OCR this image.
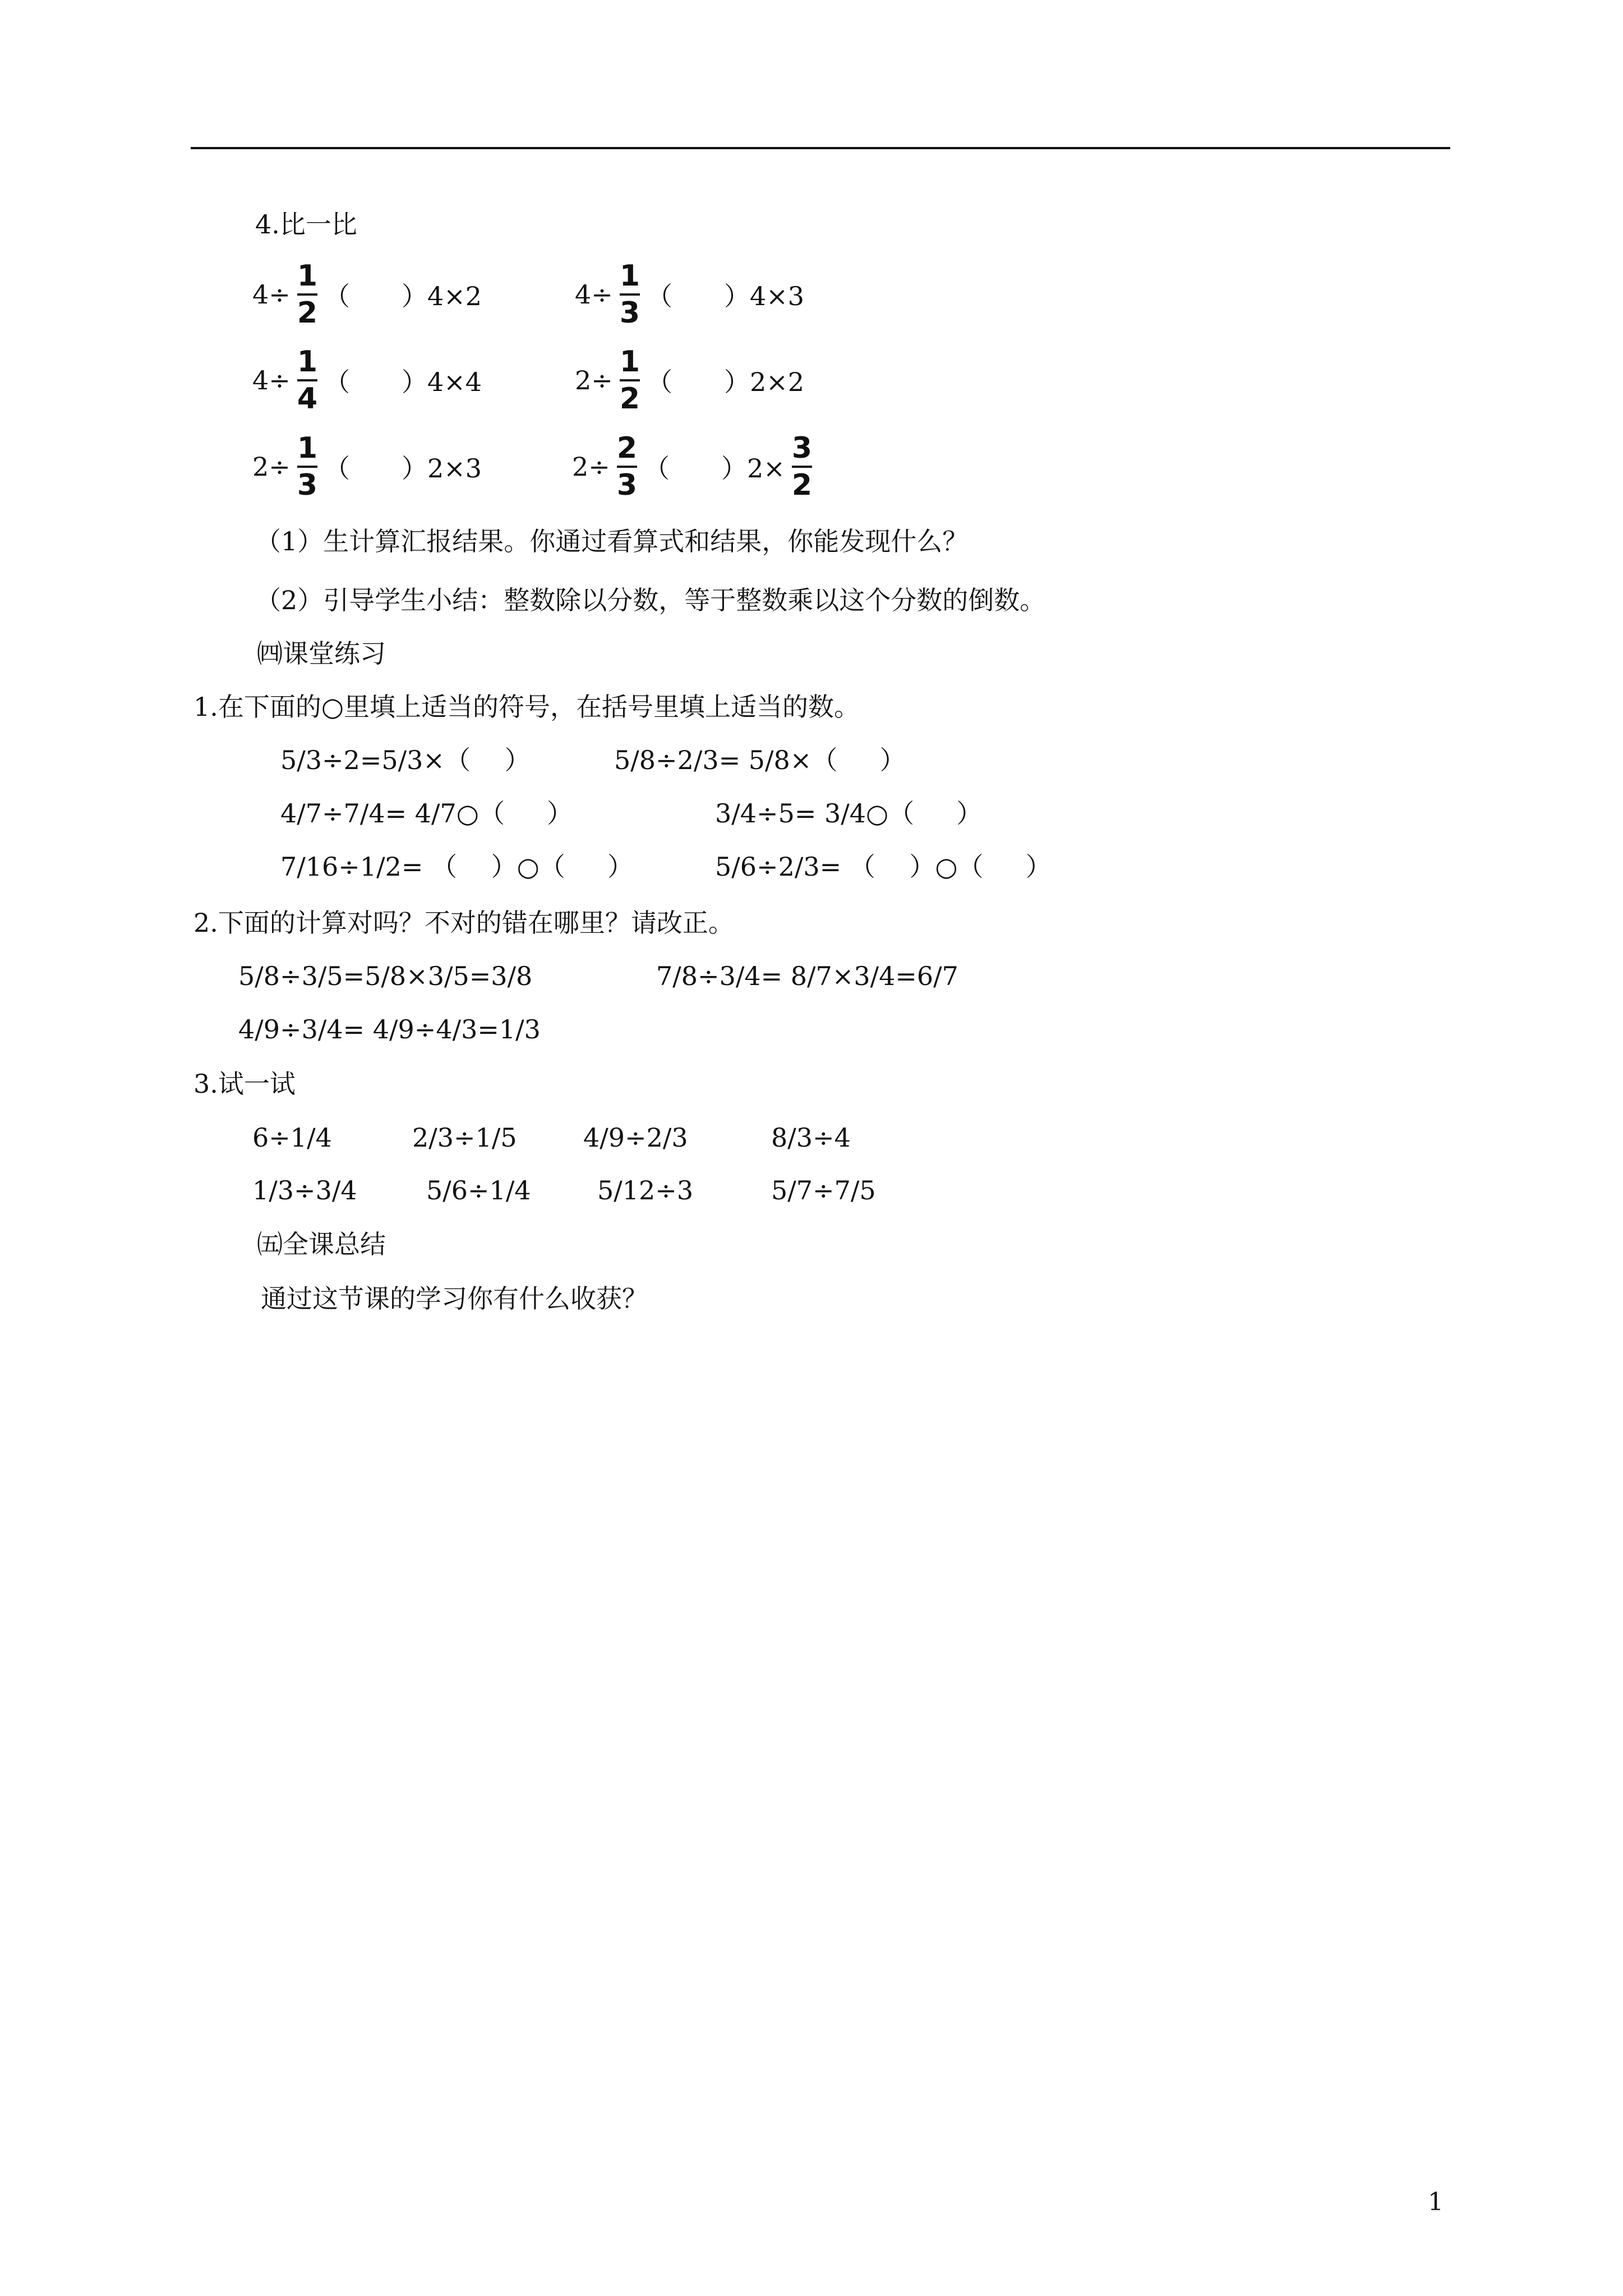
4.比一比
$4\div \frac{1}{2}$ （　　）4×2	$4\div \frac{1}{3}$ （　　）4×3
$4\div \frac{1}{4}$ （　　）4×4	$2\div \frac{1}{2}$ （　　）2×2
$2\div \frac{1}{3}$ （　　）2×3	$2\div \frac{2}{3}$ （　　）$2\times \frac{3}{2}$
（1）生计算汇报结果。你通过看算式和结果，你能发现什么？
（2）引导学生小结：整数除以分数，等于整数乘以这个分数的倒数。
㈣课堂练习
1.在下面的○里填上适当的符号，在括号里填上适当的数。
5/3÷2=5/3×（　 ）	5/8÷2/3= 5/8×（　  ）
4/7÷7/4= 4/7○（　  ）	3/4÷5= 3/4○（　  ）
7/16÷1/2= （　 ）○（　  ）	5/6÷2/3= （　 ）○（　  ）
2.下面的计算对吗？不对的错在哪里？请改正。
5/8÷3/5=5/8×3/5=3/8	7/8÷3/4= 8/7×3/4=6/7
4/9÷3/4= 4/9÷4/3=1/3
3.试一试
6÷1/4	2/3÷1/5	4/9÷2/3	8/3÷4
1/3÷3/4	5/6÷1/4	5/12÷3	5/7÷7/5
㈤全课总结
通过这节课的学习你有什么收获？
1
